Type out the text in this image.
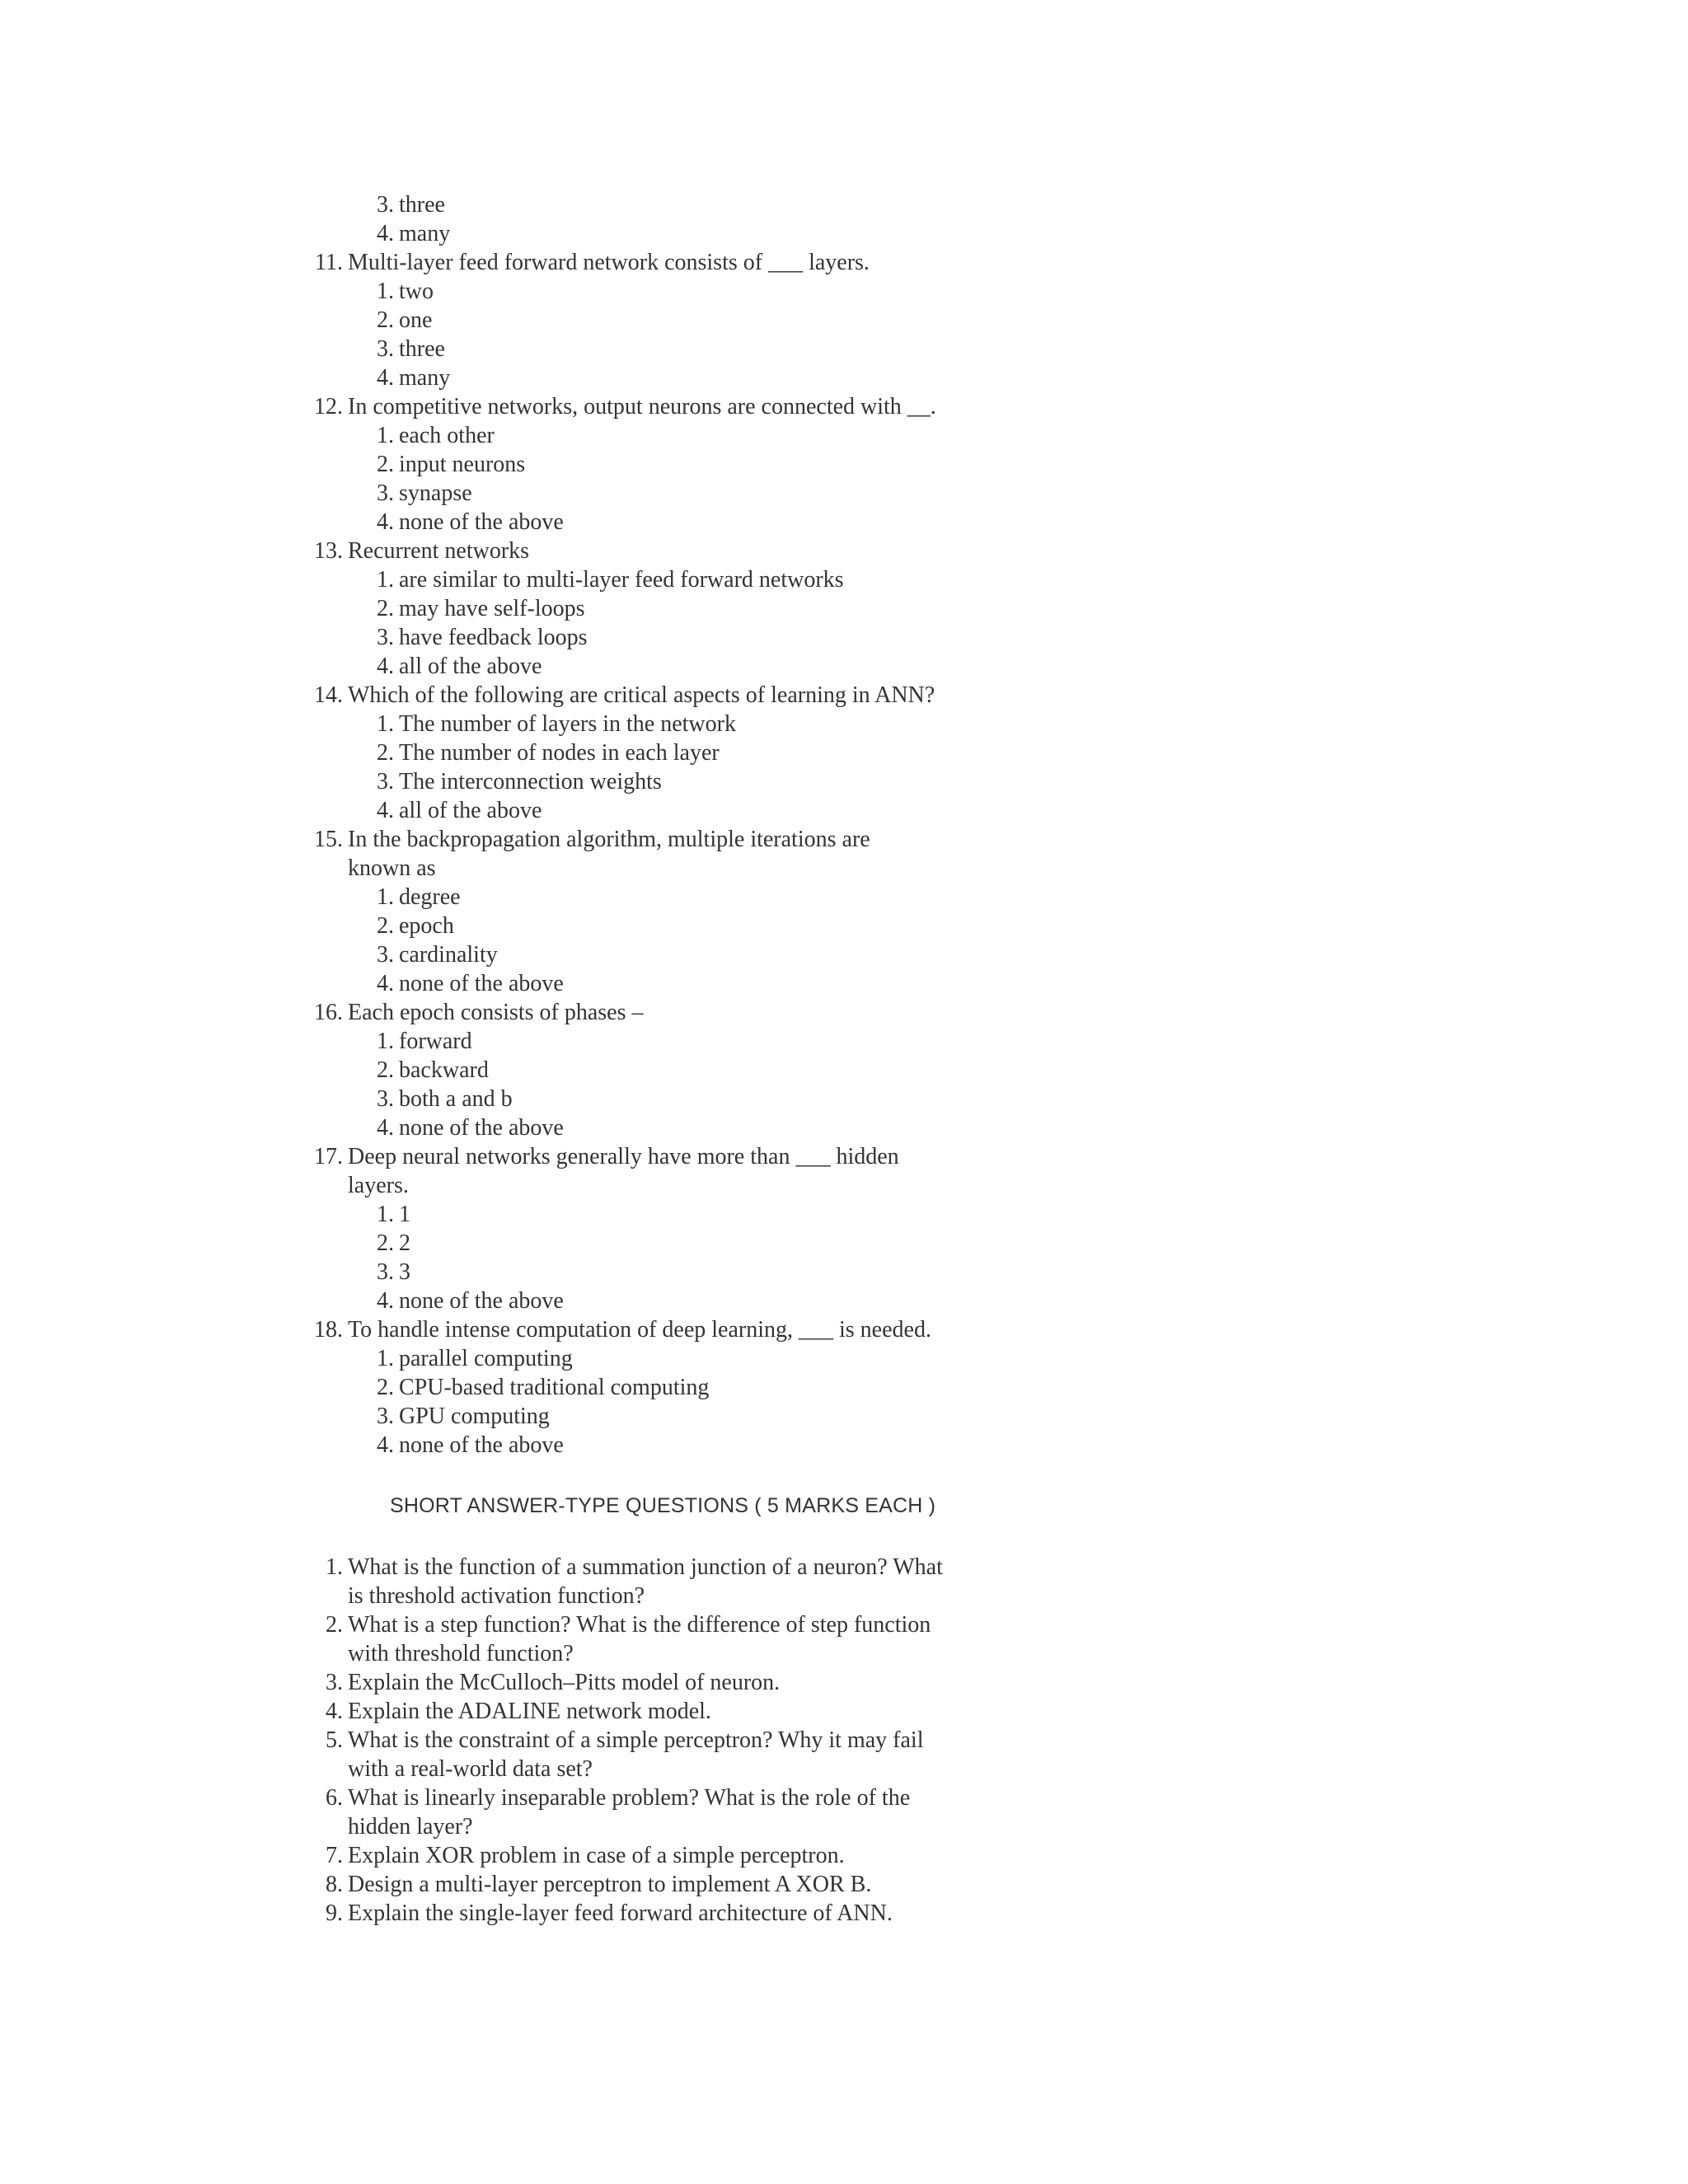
3. three
4. many
11. Multi-layer feed forward network consists of ___ layers.
1. two
2. one
3. three
4. many
12. In competitive networks, output neurons are connected with __.
1. each other
2. input neurons
3. synapse
4. none of the above
13. Recurrent networks
1. are similar to multi-layer feed forward networks
2. may have self-loops
3. have feedback loops
4. all of the above
14. Which of the following are critical aspects of learning in ANN?
1. The number of layers in the network
2. The number of nodes in each layer
3. The interconnection weights
4. all of the above
15. In the backpropagation algorithm, multiple iterations are
known as
1. degree
2. epoch
3. cardinality
4. none of the above
16. Each epoch consists of phases –
1. forward
2. backward
3. both a and b
4. none of the above
17. Deep neural networks generally have more than ___ hidden
layers.
1. 1
2. 2
3. 3
4. none of the above
18. To handle intense computation of deep learning, ___ is needed.
1. parallel computing
2. CPU-based traditional computing
3. GPU computing
4. none of the above
SHORT ANSWER-TYPE QUESTIONS ( 5 MARKS EACH )
1. What is the function of a summation junction of a neuron? What
is threshold activation function?
2. What is a step function? What is the difference of step function
with threshold function?
3. Explain the McCulloch–Pitts model of neuron.
4. Explain the ADALINE network model.
5. What is the constraint of a simple perceptron? Why it may fail
with a real-world data set?
6. What is linearly inseparable problem? What is the role of the
hidden layer?
7. Explain XOR problem in case of a simple perceptron.
8. Design a multi-layer perceptron to implement A XOR B.
9. Explain the single-layer feed forward architecture of ANN.
